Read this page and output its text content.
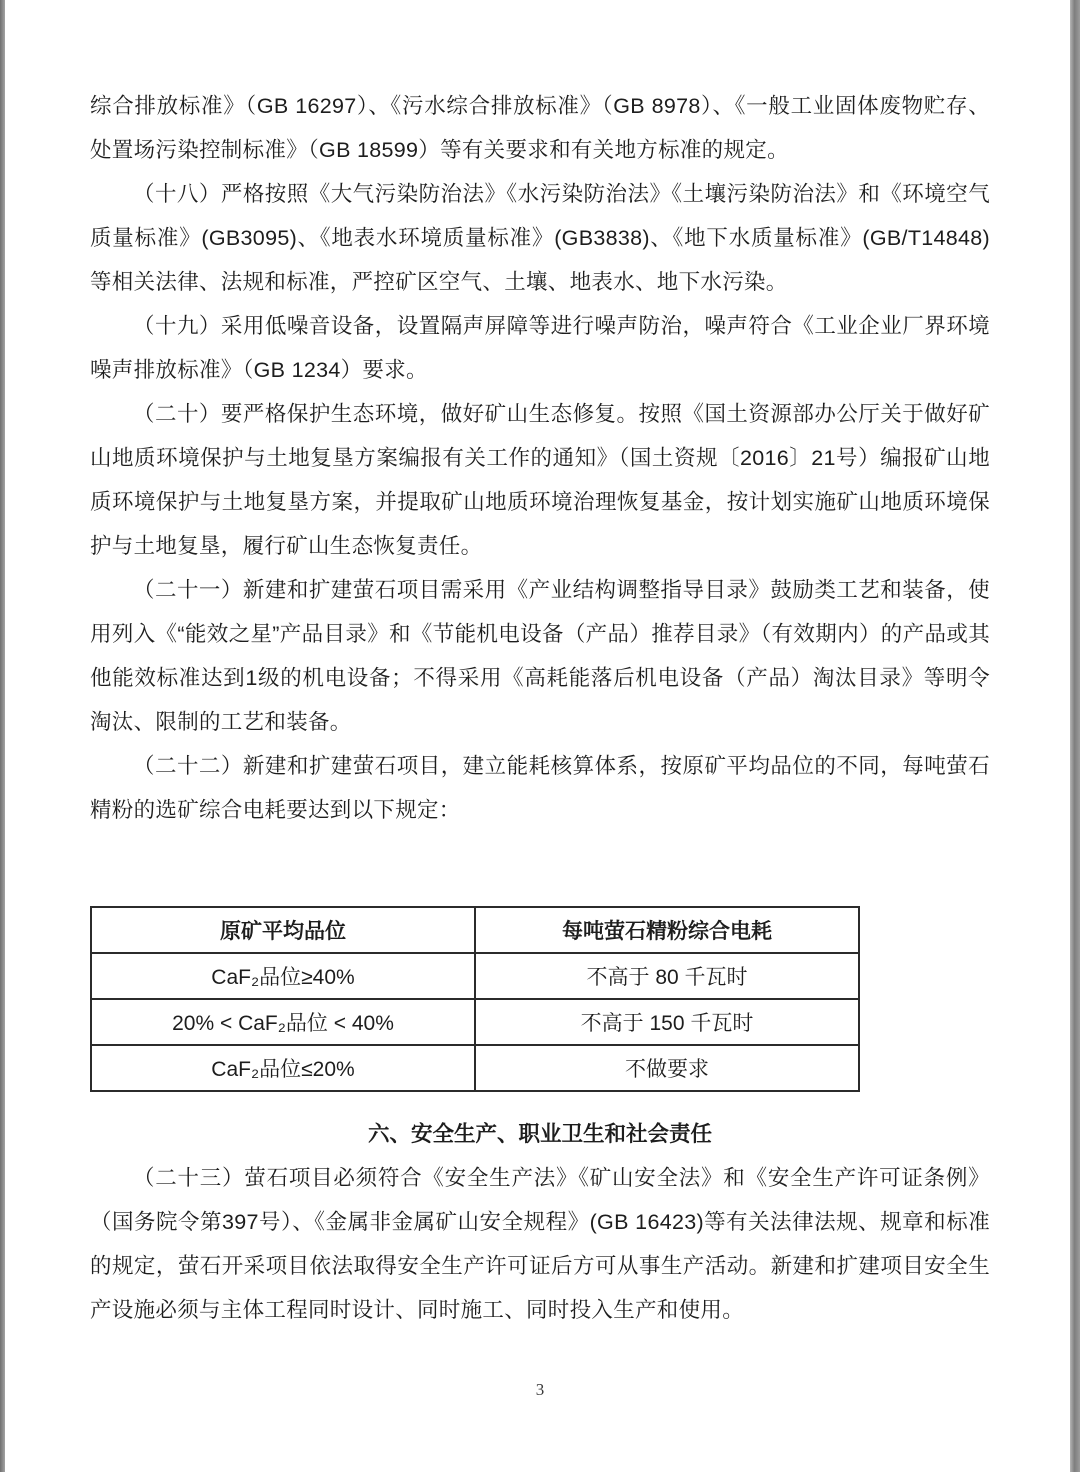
综合排放标准》（GB 16297）、《污水综合排放标准》（GB 8978）、《一般工业固体废物贮存、处置场污染控制标准》（GB 18599）等有关要求和有关地方标准的规定。

（十八）严格按照《大气污染防治法》《水污染防治法》《土壤污染防治法》和《环境空气质量标准》(GB3095)、《地表水环境质量标准》(GB3838)、《地下水质量标准》(GB/T14848)等相关法律、法规和标准，严控矿区空气、土壤、地表水、地下水污染。

（十九）采用低噪音设备，设置隔声屏障等进行噪声防治，噪声符合《工业企业厂界环境噪声排放标准》（GB 1234）要求。

（二十）要严格保护生态环境，做好矿山生态修复。按照《国土资源部办公厅关于做好矿山地质环境保护与土地复垦方案编报有关工作的通知》（国土资规〔2016〕21号）编报矿山地质环境保护与土地复垦方案，并提取矿山地质环境治理恢复基金，按计划实施矿山地质环境保护与土地复垦，履行矿山生态恢复责任。

（二十一）新建和扩建萤石项目需采用《产业结构调整指导目录》鼓励类工艺和装备，使用列入《“能效之星”产品目录》和《节能机电设备（产品）推荐目录》（有效期内）的产品或其他能效标准达到1级的机电设备；不得采用《高耗能落后机电设备（产品）淘汰目录》等明令淘汰、限制的工艺和装备。

（二十二）新建和扩建萤石项目，建立能耗核算体系，按原矿平均品位的不同，每吨萤石精粉的选矿综合电耗要达到以下规定：

原矿平均品位	每吨萤石精粉综合电耗
CaF₂品位≥40%	不高于 80 千瓦时
20% < CaF₂品位 < 40%	不高于 150 千瓦时
CaF₂品位≤20%	不做要求
六、安全生产、职业卫生和社会责任

（二十三）萤石项目必须符合《安全生产法》《矿山安全法》和《安全生产许可证条例》（国务院令第397号）、《金属非金属矿山安全规程》(GB 16423)等有关法律法规、规章和标准的规定，萤石开采项目依法取得安全生产许可证后方可从事生产活动。新建和扩建项目安全生产设施必须与主体工程同时设计、同时施工、同时投入生产和使用。

3
